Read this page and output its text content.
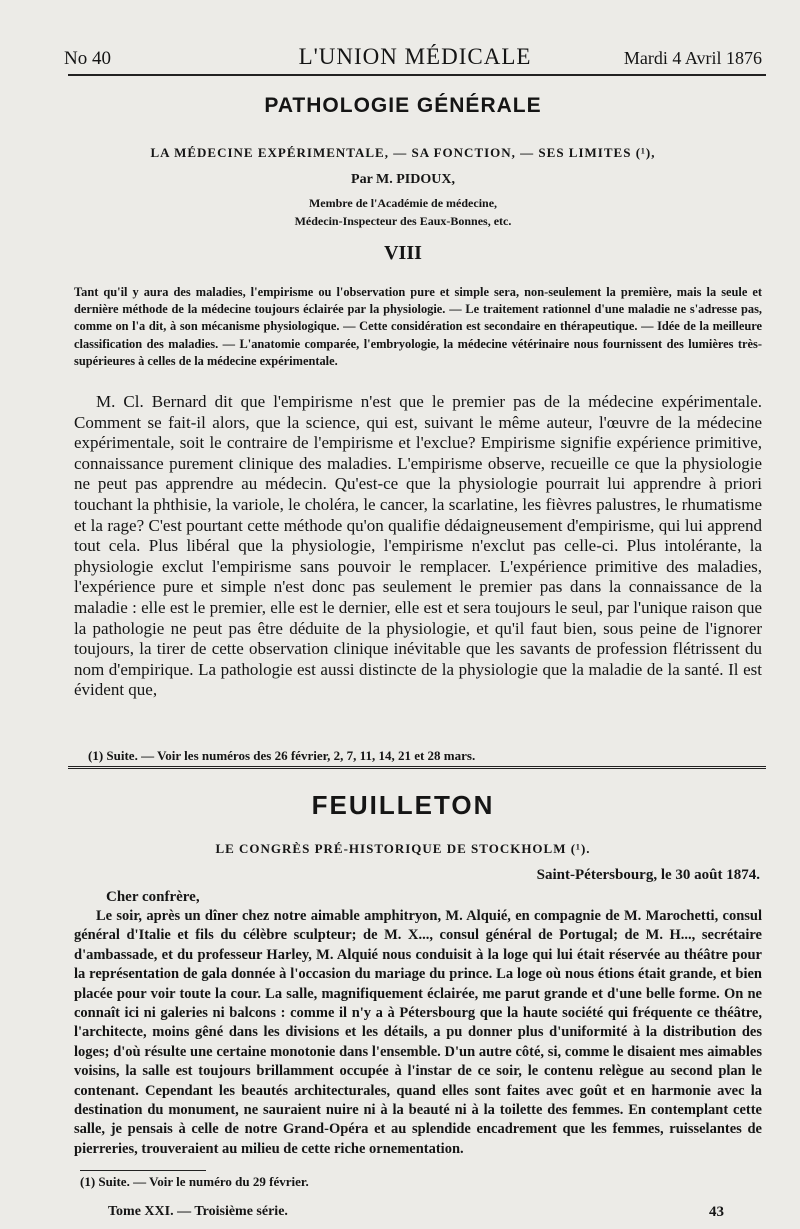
No 40	L'UNION MÉDICALE	Mardi 4 Avril 1876
PATHOLOGIE GÉNÉRALE
LA MÉDECINE EXPÉRIMENTALE, — SA FONCTION, — SES LIMITES (¹),
Par M. PIDOUX,
Membre de l'Académie de médecine,
Médecin-Inspecteur des Eaux-Bonnes, etc.
VIII

Tant qu'il y aura des maladies, l'empirisme ou l'observation pure et simple sera, non-seulement la première, mais la seule et dernière méthode de la médecine toujours éclairée par la physiologie. — Le traitement rationnel d'une maladie ne s'adresse pas, comme on l'a dit, à son mécanisme physiologique. — Cette considération est secondaire en thérapeutique. — Idée de la meilleure classification des maladies. — L'anatomie comparée, l'embryologie, la médecine vétérinaire nous fournissent des lumières très-supérieures à celles de la médecine expérimentale.

M. Cl. Bernard dit que l'empirisme n'est que le premier pas de la médecine expérimentale. Comment se fait-il alors, que la science, qui est, suivant le même auteur, l'œuvre de la médecine expérimentale, soit le contraire de l'empirisme et l'exclue? Empirisme signifie expérience primitive, connaissance purement clinique des maladies. L'empirisme observe, recueille ce que la physiologie ne peut pas apprendre au médecin. Qu'est-ce que la physiologie pourrait lui apprendre à priori touchant la phthisie, la variole, le choléra, le cancer, la scarlatine, les fièvres palustres, le rhumatisme et la rage? C'est pourtant cette méthode qu'on qualifie dédaigneusement d'empirisme, qui lui apprend tout cela. Plus libéral que la physiologie, l'empirisme n'exclut pas celle-ci. Plus intolérante, la physiologie exclut l'empirisme sans pouvoir le remplacer. L'expérience primitive des maladies, l'expérience pure et simple n'est donc pas seulement le premier pas dans la connaissance de la maladie : elle est le premier, elle est le dernier, elle est et sera toujours le seul, par l'unique raison que la pathologie ne peut pas être déduite de la physiologie, et qu'il faut bien, sous peine de l'ignorer toujours, la tirer de cette observation clinique inévitable que les savants de profession flétrissent du nom d'empirique. La pathologie est aussi distincte de la physiologie que la maladie de la santé. Il est évident que,

(1) Suite. — Voir les numéros des 26 février, 2, 7, 11, 14, 21 et 28 mars.
FEUILLETON
LE CONGRÈS PRÉ-HISTORIQUE DE STOCKHOLM (¹).
Saint-Pétersbourg, le 30 août 1874.
Cher confrère,

Le soir, après un dîner chez notre aimable amphitryon, M. Alquié, en compagnie de M. Marochetti, consul général d'Italie et fils du célèbre sculpteur; de M. X..., consul général de Portugal; de M. H..., secrétaire d'ambassade, et du professeur Harley, M. Alquié nous conduisit à la loge qui lui était réservée au théâtre pour la représentation de gala donnée à l'occasion du mariage du prince. La loge où nous étions était grande, et bien placée pour voir toute la cour. La salle, magnifiquement éclairée, me parut grande et d'une belle forme. On ne connaît ici ni galeries ni balcons : comme il n'y a à Pétersbourg que la haute société qui fréquente ce théâtre, l'architecte, moins gêné dans les divisions et les détails, a pu donner plus d'uniformité à la distribution des loges; d'où résulte une certaine monotonie dans l'ensemble. D'un autre côté, si, comme le disaient mes aimables voisins, la salle est toujours brillamment occupée à l'instar de ce soir, le contenu relègue au second plan le contenant. Cependant les beautés architecturales, quand elles sont faites avec goût et en harmonie avec la destination du monument, ne sauraient nuire ni à la beauté ni à la toilette des femmes. En contemplant cette salle, je pensais à celle de notre Grand-Opéra et au splendide encadrement que les femmes, ruisselantes de pierreries, trouveraient au milieu de cette riche ornementation.

(1) Suite. — Voir le numéro du 29 février.
Tome XXI. — Troisième série.	43
